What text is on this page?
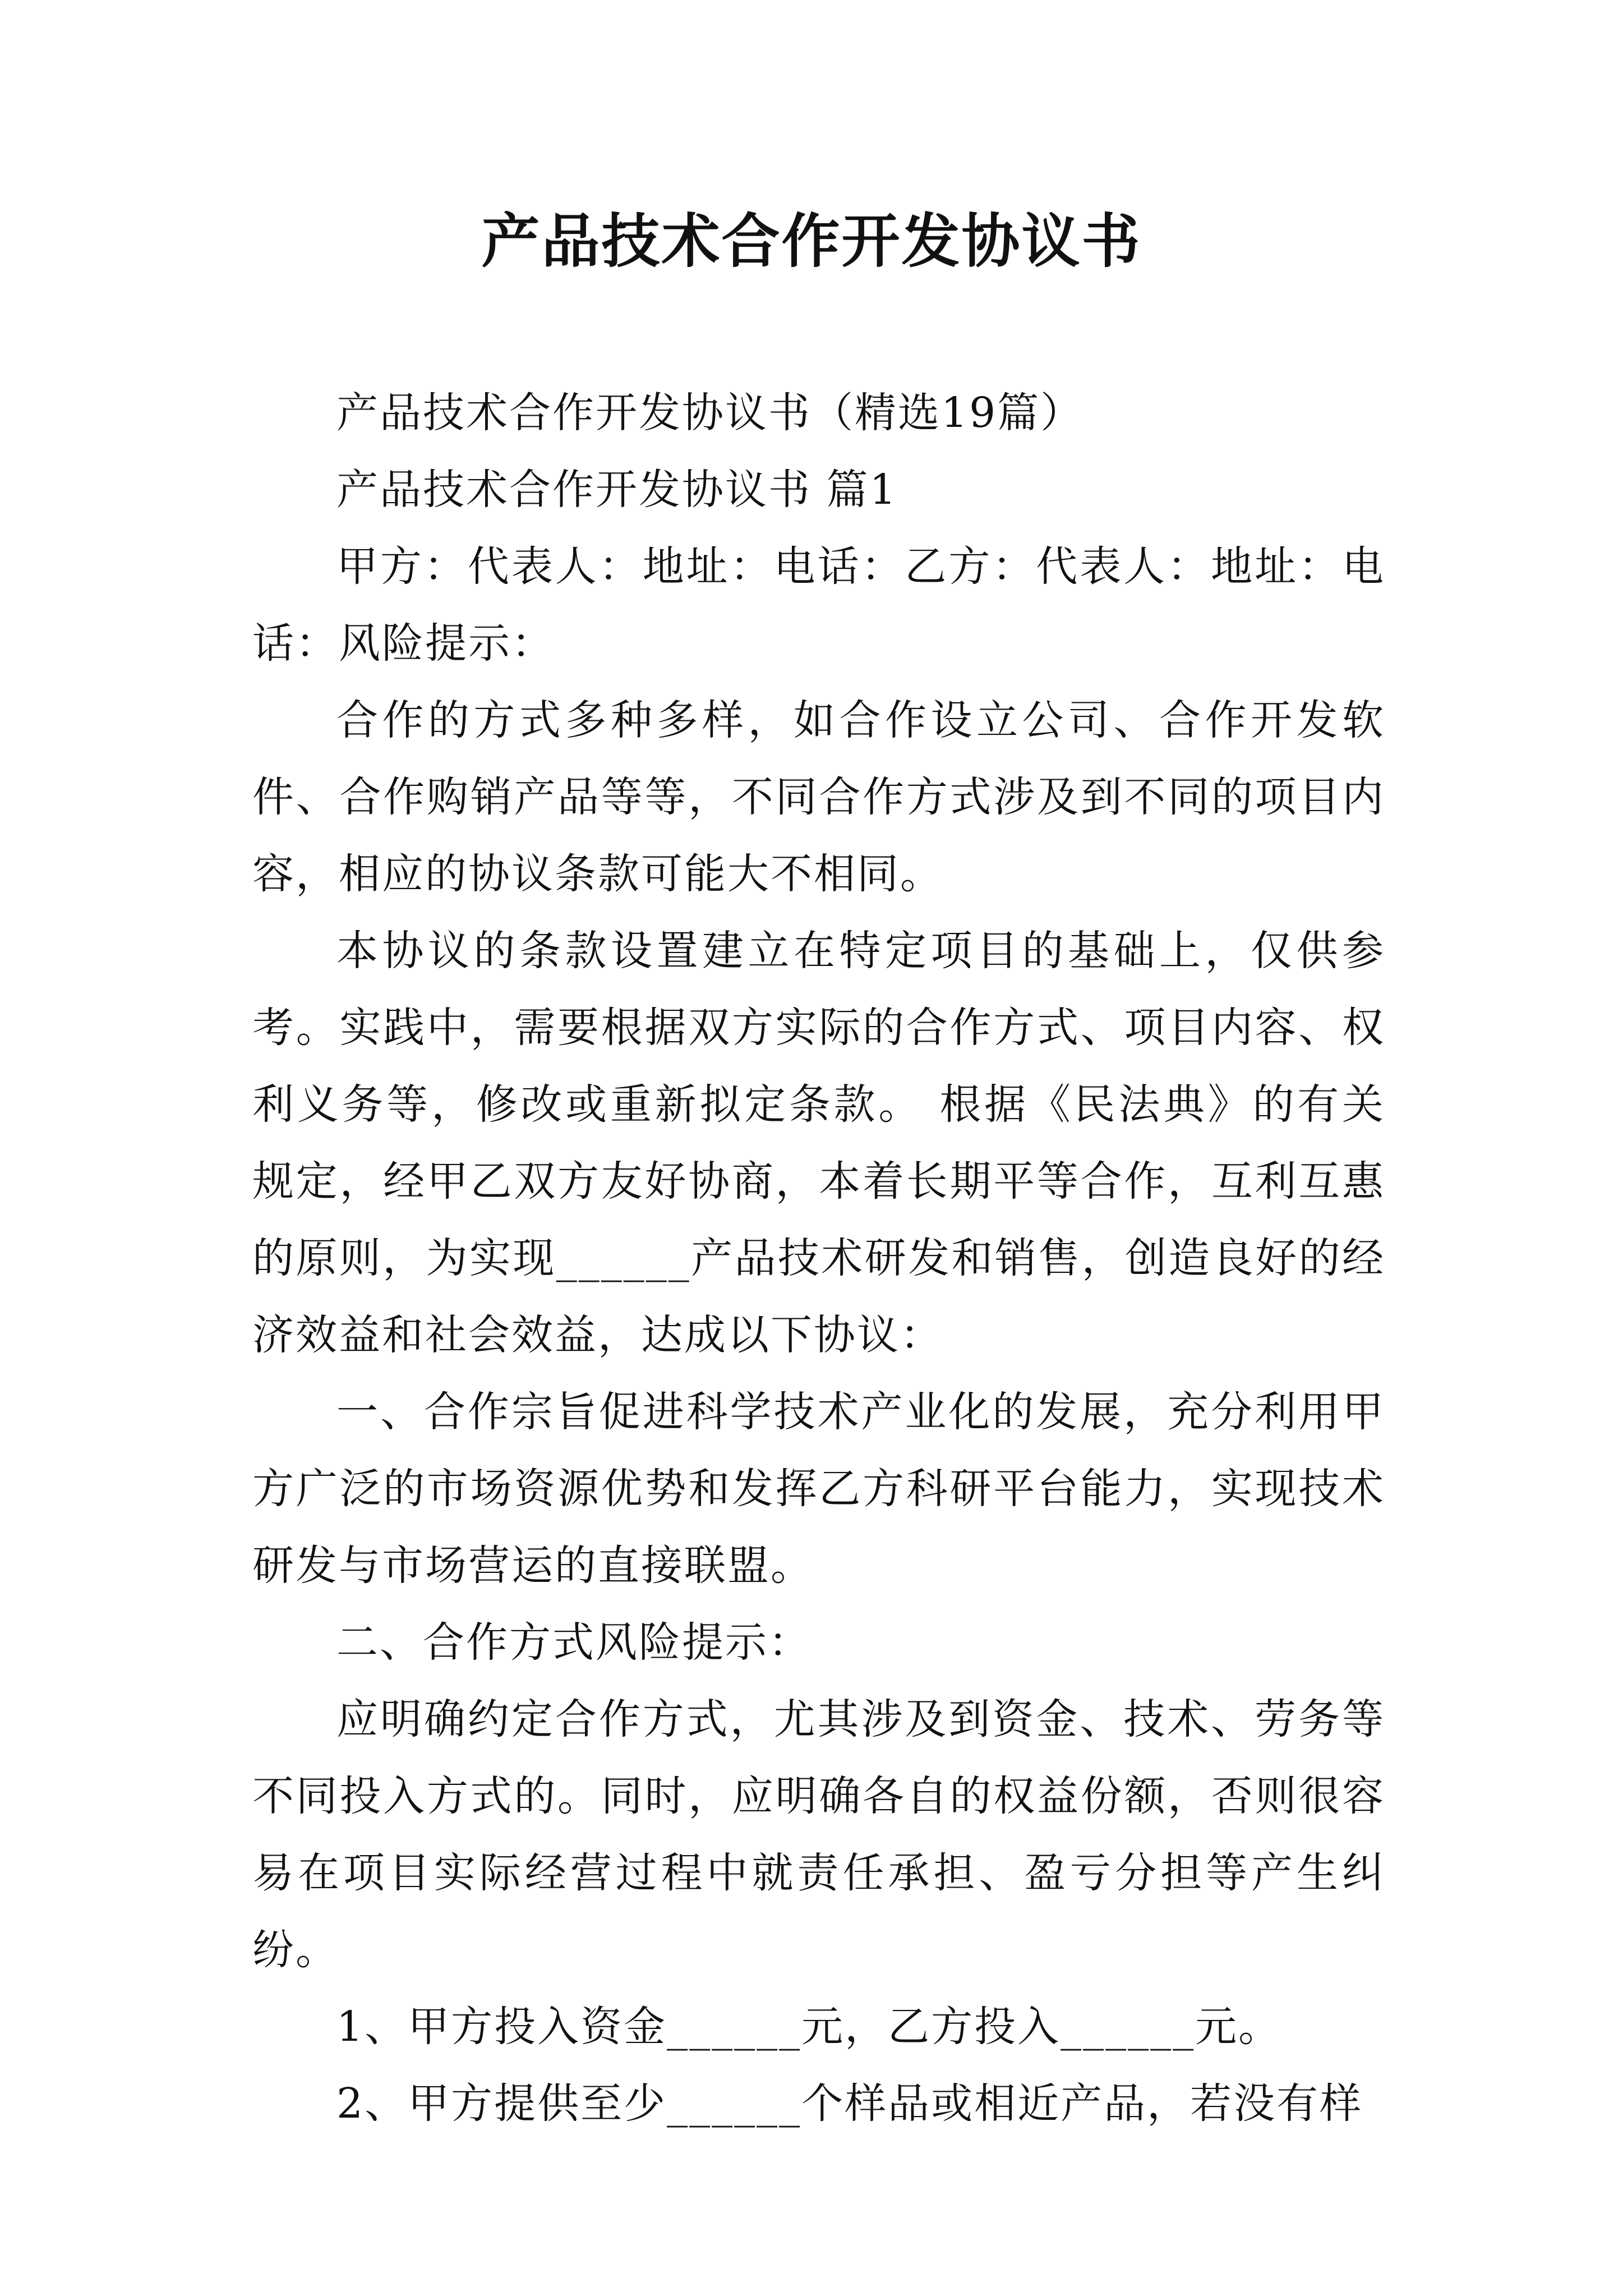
产品技术合作开发协议书

产品技术合作开发协议书（精选19篇）

产品技术合作开发协议书 篇1

甲方：代表人：地址：电话：乙方：代表人：地址：电话：风险提示：

合作的方式多种多样，如合作设立公司、合作开发软件、合作购销产品等等，不同合作方式涉及到不同的项目内容，相应的协议条款可能大不相同。

本协议的条款设置建立在特定项目的基础上，仅供参考。实践中，需要根据双方实际的合作方式、项目内容、权利义务等，修改或重新拟定条款。 根据《民法典》的有关规定，经甲乙双方友好协商，本着长期平等合作，互利互惠的原则，为实现______产品技术研发和销售，创造良好的经济效益和社会效益，达成以下协议：

一、合作宗旨促进科学技术产业化的发展，充分利用甲方广泛的市场资源优势和发挥乙方科研平台能力，实现技术研发与市场营运的直接联盟。

二、合作方式风险提示：

应明确约定合作方式，尤其涉及到资金、技术、劳务等不同投入方式的。同时，应明确各自的权益份额，否则很容易在项目实际经营过程中就责任承担、盈亏分担等产生纠纷。

1、甲方投入资金______元，乙方投入______元。

2、甲方提供至少______个样品或相近产品，若没有样
